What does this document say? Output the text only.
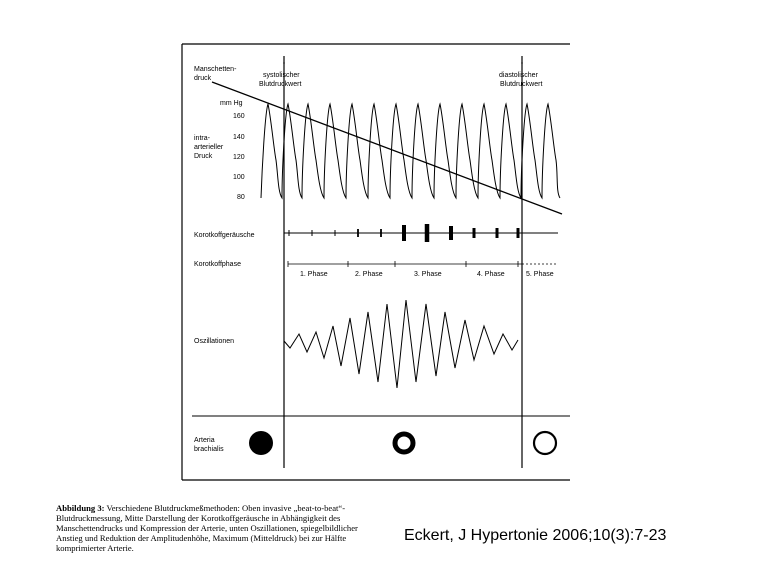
Manschetten-
druck	systolischer
Blutdruckwert
diastolischer
Blutdruckwert
mm Hg
160
140
120
100
80
intra-
arterieller
Druck
Korotkoffgeräusche
Korotkoffphase
1. Phase	2. Phase	3. Phase	4. Phase	5. Phase
Oszillationen
Arteria
brachialis
Abbildung 3: Verschiedene Blutdruckmeßmethoden: Oben invasive „beat-to-beat“-Blutdruckmessung, Mitte Darstellung der Korotkoffgeräusche in Abhängigkeit des Manschettendrucks und Kompression der Arterie, unten Oszillationen, spiegelbildlicher Anstieg und Reduktion der Amplitudenhöhe, Maximum (Mitteldruck) bei zur Hälfte komprimierter Arterie.
Eckert, J Hypertonie 2006;10(3):7-23
